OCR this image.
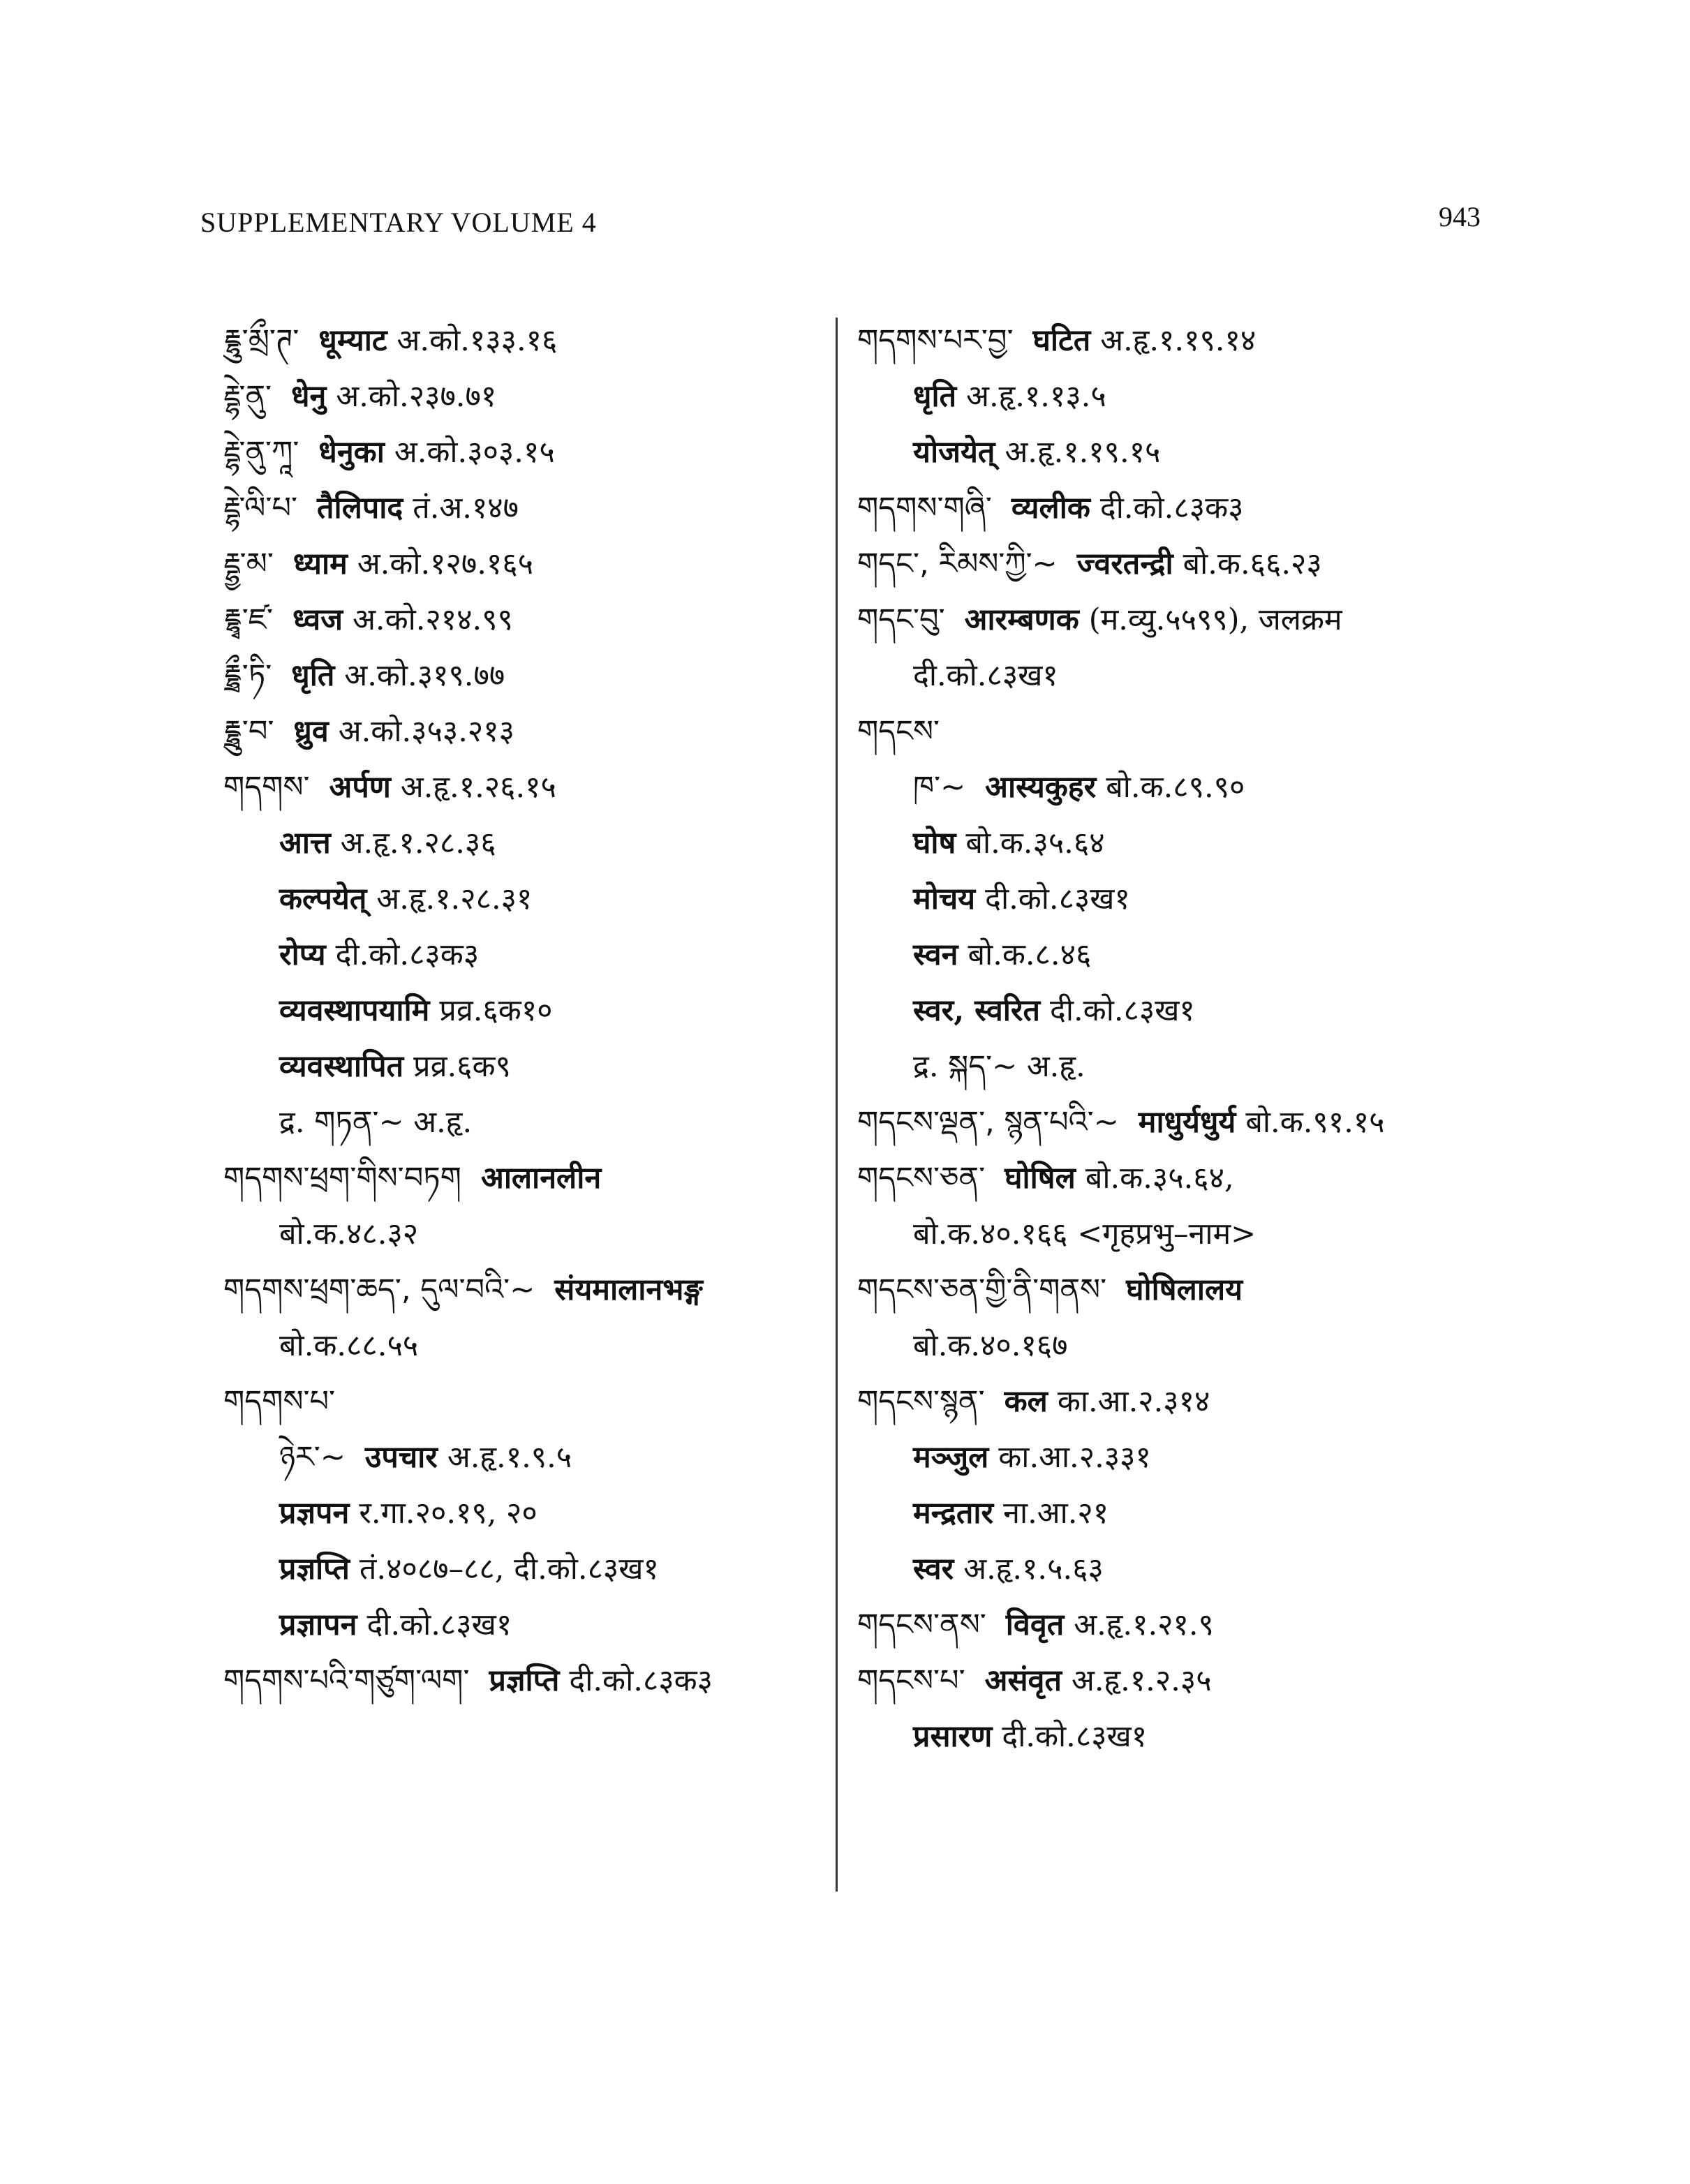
SUPPLEMENTARY VOLUME 4	943
རྡྷུ་མྲྀ་ཊ་ धूम्याट अ.को.१३३.१६
རྡྷེ་ནུ་ धेनु अ.को.२३७.७१
རྡྷེ་ནུ་ཀཱ་ धेनुका अ.को.३०३.१५
རྡྷེ་ལི་པ་ तैलिपाद तं.अ.१४७
རྡྷྱ་མ་ ध्याम अ.को.१२७.१६५
རྡྷྭ་ཛ་ ध्वज अ.को.२१४.९९
རྡྷྲྀ་ཏི་ धृति अ.को.३१९.७७
རྡྷྲུ་བ་ ध्रुव अ.को.३५३.२१३
གདགས་ अर्पण अ.हृ.१.२६.१५
आत्त अ.हृ.१.२८.३६
कल्पयेत् अ.हृ.१.२८.३१
रोप्य दी.को.८३क३
व्यवस्थापयामि प्रव्र.६क१०
व्यवस्थापित प्रव्र.६क९
द्र. གཏན་~ अ.हृ.
གདགས་ཕྲག་གིས་བཏག आलानलीन
बो.क.४८.३२
གདགས་ཕྲག་ཆད་, དུལ་བའི་~ संयमालानभङ्ग
बो.क.८८.५५
གདགས་པ་
ཉེར་~ उपचार अ.हृ.१.९.५
प्रज्ञपन र.गा.२०.१९, २०
प्रज्ञप्ति तं.४०८७–८८, दी.को.८३ख१
प्रज्ञापन दी.को.८३ख१
གདགས་པའི་གཙུག་ལག་ प्रज्ञप्ति दी.को.८३क३
གདགས་པར་བྱ་ घटित अ.हृ.१.१९.१४
धृति अ.हृ.१.१३.५
योजयेत् अ.हृ.१.१९.१५
གདགས་གཞི་ व्यलीक दी.को.८३क३
གདང་, རིམས་ཀྱི་~ ज्वरतन्द्री बो.क.६६.२३
གདང་བུ་ आरम्बणक (म.व्यु.५५९९), जलक्रम
दी.को.८३ख१
གདངས་
ཁ་~ आस्यकुहर बो.क.८९.९०
घोष बो.क.३५.६४
मोचय दी.को.८३ख१
स्वन बो.क.८.४६
स्वर, स्वरित दी.को.८३ख१
द्र. སྐད་~ अ.हृ.
གདངས་ལྡན་, སྙན་པའི་~ माधुर्यधुर्य बो.क.९१.१५
གདངས་ཅན་ घोषिल बो.क.३५.६४,
बो.क.४०.१६६ <गृहप्रभु–नाम>
གདངས་ཅན་གྱི་ནི་གནས་ घोषिलालय
बो.क.४०.१६७
གདངས་སྙན་ कल का.आ.२.३१४
मञ्जुल का.आ.२.३३१
मन्द्रतार ना.आ.२१
स्वर अ.हृ.१.५.६३
གདངས་ནས་ विवृत अ.हृ.१.२१.९
གདངས་པ་ असंवृत अ.हृ.१.२.३५
प्रसारण दी.को.८३ख१
